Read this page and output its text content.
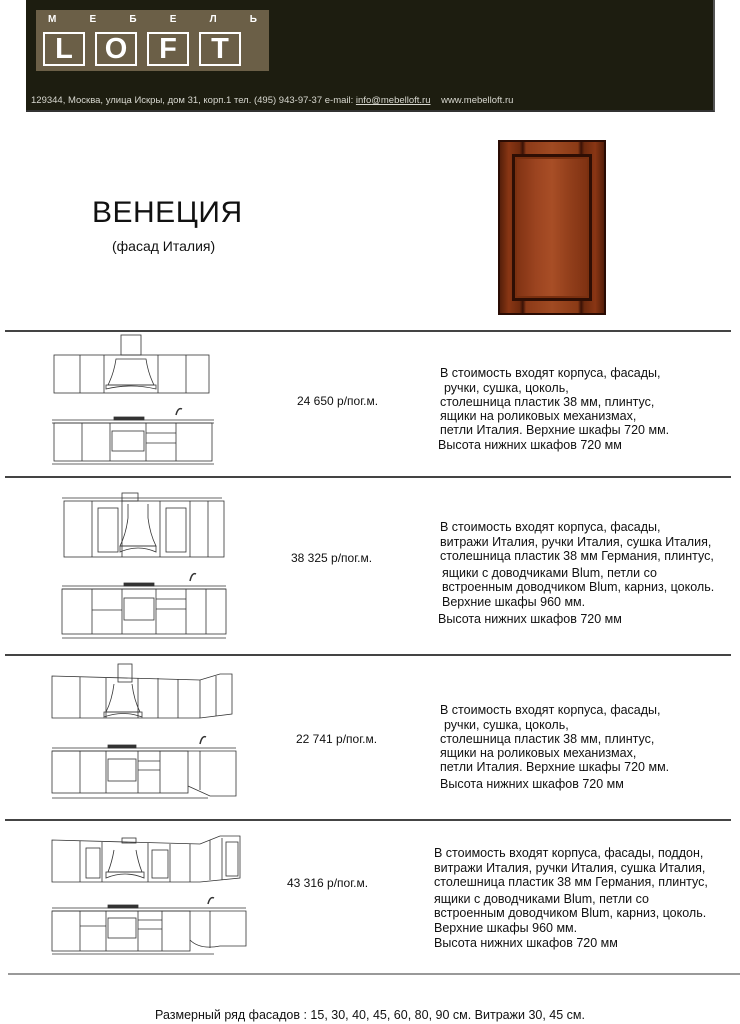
М	Е	Б	Е	Л	Ь
L	O	F	T
129344, Москва, улица Искры, дом 31, корп.1 тел. (495) 943-97-37 e-mail: info@mebelloft.ru www.mebelloft.ru
ВЕНЕЦИЯ
(фасад Италия)
24 650 р/пог.м.
В стоимость входят корпуса, фасады,
ручки, сушка, цоколь,
столешница пластик 38 мм, плинтус,
ящики на роликовых механизмах,
петли Италия. Верхние шкафы 720 мм.
Высота нижних шкафов 720 мм
38 325 р/пог.м.
В стоимость входят корпуса, фасады,
витражи Италия, ручки Италия, сушка Италия,
столешница пластик 38 мм Германия, плинтус,
ящики с доводчиками Blum, петли со
встроенным доводчиком Blum, карниз, цоколь.
Верхние шкафы 960 мм.
Высота нижних шкафов 720 мм
22 741 р/пог.м.
В стоимость входят корпуса, фасады,
ручки, сушка, цоколь,
столешница пластик 38 мм, плинтус,
ящики на роликовых механизмах,
петли Италия. Верхние шкафы 720 мм.
Высота нижних шкафов 720 мм
43 316 р/пог.м.
В стоимость входят корпуса, фасады, поддон,
витражи Италия, ручки Италия, сушка Италия,
столешница пластик 38 мм Германия, плинтус,
ящики с доводчиками Blum, петли со
встроенным доводчиком Blum, карниз, цоколь.
Верхние шкафы 960 мм.
Высота нижних шкафов 720 мм
Размерный ряд фасадов : 15, 30, 40, 45, 60, 80, 90 см. Витражи 30, 45 см.
